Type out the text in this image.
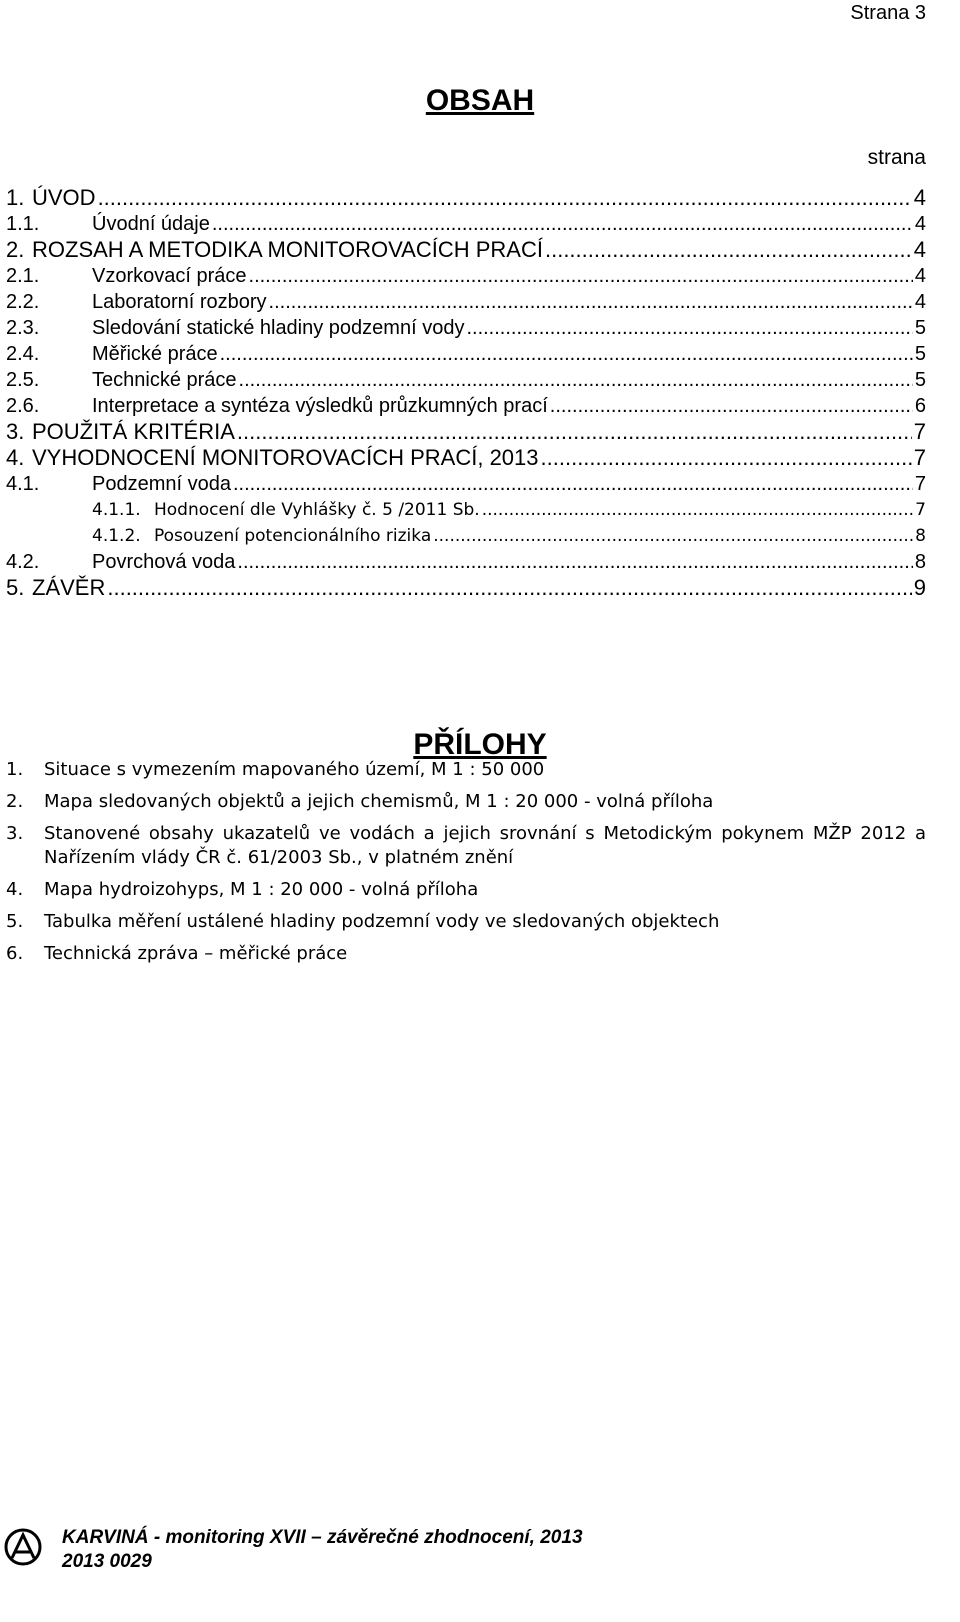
Strana 3
OBSAH
strana
1. ÚVOD .....	4
1.1.	Úvodní údaje .....	4
2. ROZSAH A METODIKA MONITOROVACÍCH PRACÍ .....	4
2.1.	Vzorkovací práce .....	4
2.2.	Laboratorní rozbory .....	4
2.3.	Sledování statické hladiny podzemní vody .....	5
2.4.	Měřické práce .....	5
2.5.	Technické práce .....	5
2.6.	Interpretace a syntéza výsledků průzkumných prací .....	6
3. POUŽITÁ KRITÉRIA .....	7
4. VYHODNOCENÍ MONITOROVACÍCH PRACÍ, 2013 .....	7
4.1.	Podzemní voda .....	7
4.1.1. Hodnocení dle Vyhlášky č. 5 /2011 Sb. .....	7
4.1.2. Posouzení potencionálního rizika .....	8
4.2.	Povrchová voda .....	8
5. ZÁVĚR .....	9
PŘÍLOHY
1.	Situace s vymezením mapovaného území, M 1 : 50 000
2.	Mapa sledovaných objektů a jejich chemismů, M 1 : 20 000 - volná příloha
3.	Stanovené obsahy ukazatelů ve vodách a jejich srovnání s Metodickým pokynem MŽP 2012 a Nařízením vlády ČR č. 61/2003 Sb., v platném znění
4.	Mapa hydroizohyps, M 1 : 20 000 - volná příloha
5.	Tabulka měření ustálené hladiny podzemní vody ve sledovaných objektech
6.	Technická zpráva – měřické práce
KARVINÁ - monitoring XVII – závěrečné zhodnocení, 2013
2013 0029
